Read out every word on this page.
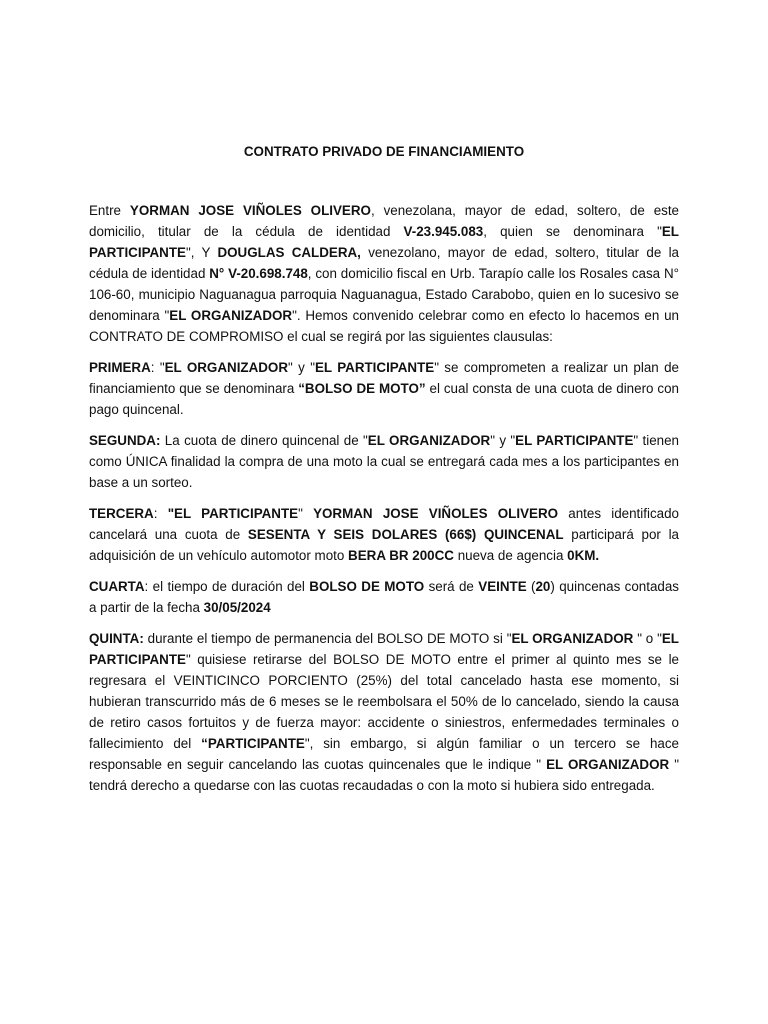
CONTRATO PRIVADO DE FINANCIAMIENTO

Entre YORMAN JOSE VIÑOLES OLIVERO, venezolana, mayor de edad, soltero, de este domicilio, titular de la cédula de identidad V-23.945.083, quien se denominara "EL PARTICIPANTE", Y DOUGLAS CALDERA, venezolano, mayor de edad, soltero, titular de la cédula de identidad N° V-20.698.748, con domicilio fiscal en Urb. Tarapío calle los Rosales casa N° 106-60, municipio Naguanagua parroquia Naguanagua, Estado Carabobo, quien en lo sucesivo se denominara "EL ORGANIZADOR". Hemos convenido celebrar como en efecto lo hacemos en un CONTRATO DE COMPROMISO el cual se regirá por las siguientes clausulas:

PRIMERA: "EL ORGANIZADOR" y "EL PARTICIPANTE" se comprometen a realizar un plan de financiamiento que se denominara “BOLSO DE MOTO” el cual consta de una cuota de dinero con pago quincenal.

SEGUNDA: La cuota de dinero quincenal de "EL ORGANIZADOR" y "EL PARTICIPANTE" tienen como ÚNICA finalidad la compra de una moto la cual se entregará cada mes a los participantes en base a un sorteo.

TERCERA: "EL PARTICIPANTE" YORMAN JOSE VIÑOLES OLIVERO antes identificado cancelará una cuota de SESENTA Y SEIS DOLARES (66$) QUINCENAL participará por la adquisición de un vehículo automotor moto BERA BR 200CC nueva de agencia 0KM.

CUARTA: el tiempo de duración del BOLSO DE MOTO será de VEINTE (20) quincenas contadas a partir de la fecha 30/05/2024

QUINTA: durante el tiempo de permanencia del BOLSO DE MOTO si "EL ORGANIZADOR " o "EL PARTICIPANTE" quisiese retirarse del BOLSO DE MOTO entre el primer al quinto mes se le regresara el VEINTICINCO PORCIENTO (25%) del total cancelado hasta ese momento, si hubieran transcurrido más de 6 meses se le reembolsara el 50% de lo cancelado, siendo la causa de retiro casos fortuitos y de fuerza mayor: accidente o siniestros, enfermedades terminales o fallecimiento del “PARTICIPANTE", sin embargo, si algún familiar o un tercero se hace responsable en seguir cancelando las cuotas quincenales que le indique " EL ORGANIZADOR " tendrá derecho a quedarse con las cuotas recaudadas o con la moto si hubiera sido entregada.
